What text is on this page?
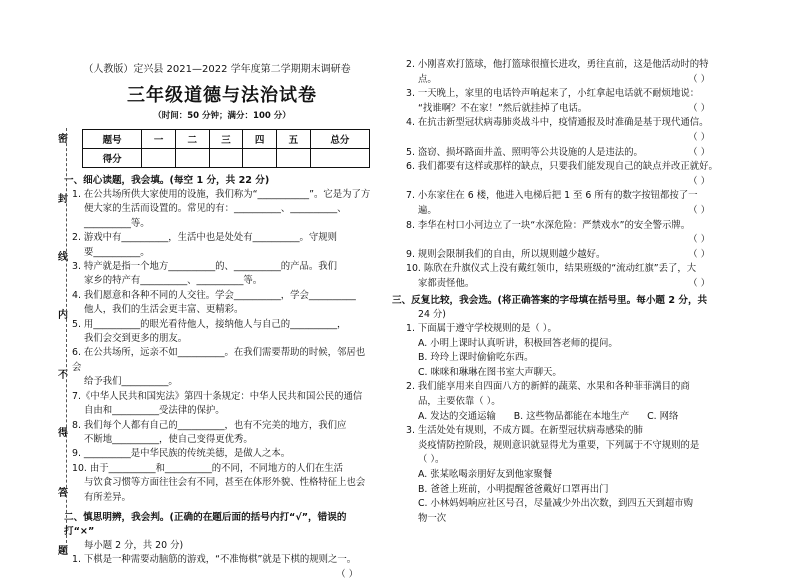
密
封
线
内
不
得
答
题
（人教版）定兴县 2021—2022 学年度第二学期期末调研卷
三年级道德与法治试卷
（时间：50 分钟；满分：100 分）
题号	一	二	三	四	五	总分
得分						
一、细心读题，我会填。(每空 1 分，共 22 分)
1. 在公共场所供大家使用的设施，我们称为“___________”。它是为了方
便大家的生活而设置的。常见的有：__________、__________、
__________等。
2. 游戏中有__________，生活中也是处处有__________。守规则
要__________。
3. 特产就是指一个地方__________的、__________的产品。我们
家乡的特产有__________、__________等。
4. 我们愿意和各种不同的人交往。学会__________，学会__________
他人，我们的生活会更丰富、更精彩。
5. 用__________的眼光看待他人，接纳他人与自己的__________，
我们会交到更多的朋友。
6. 在公共场所，远亲不如__________。在我们需要帮助的时候，邻居也会
给予我们__________。
7.《中华人民共和国宪法》第四十条规定：中华人民共和国公民的通信
自由和__________受法律的保护。
8. 我们每个人都有自己的__________，也有不完美的地方，我们应
不断地__________，使自己变得更优秀。
9. __________是中华民族的传统美德，是做人之本。
10. 由于__________和__________的不同，不同地方的人们在生活
与饮食习惯等方面往往会有不同，甚至在体形外貌、性格特征上也会
有所差异。
二、慎思明辨，我会判。(正确的在题后面的括号内打“√”，错误的打“×”
每小题 2 分，共 20 分)
1. 下棋是一种需要动脑筋的游戏，“不准悔棋”就是下棋的规则之一。
（ ）
2. 小刚喜欢打篮球，他打篮球很擅长进攻，勇往直前，这是他活动时的特
点。	（ ）
3. 一天晚上，家里的电话铃声响起来了，小红拿起电话就不耐烦地说：
“找谁啊？不在家！”然后就挂掉了电话。	（ ）
4. 在抗击新型冠状病毒肺炎战斗中，疫情通报及时准确是基于现代通信。
（ ）
5. 盗窃、损坏路面井盖、照明等公共设施的人是违法的。	（ ）
6. 我们都要有这样或那样的缺点，只要我们能发现自己的缺点并改正就好。
（ ）
7. 小东家住在 6 楼，他进入电梯后把 1 至 6 所有的数字按钮都按了一
遍。	（ ）
8. 李华在村口小河边立了一块“水深危险：严禁戏水”的安全警示牌。
（ ）
9. 规则会限制我们的自由，所以规则越少越好。	（ ）
10. 陈欣在升旗仪式上没有戴红领巾，结果班级的“流动红旗”丢了，大
家都责怪他。	（ ）
三、反复比较，我会选。(将正确答案的字母填在括号里。每小题 2 分，共
24 分)
1. 下面属于遵守学校规则的是（ ）。
A. 小明上课时认真听讲，积极回答老师的提问。
B. 玲玲上课时偷偷吃东西。
C. 咪咪和琳琳在图书室大声聊天。
2. 我们能享用来自四面八方的新鲜的蔬菜、水果和各种菲菲满目的商
品，主要依靠（ ）。
A. 发达的交通运输      B. 这些物品都能在本地生产      C. 网络
3. 生活处处有规则，不成方圆。在新型冠状病毒感染的肺
炎疫情防控阶段，规则意识就显得尤为重要，下列属于不守规则的是
（ ）。
A. 张某吆喝亲朋好友到他家聚餐
B. 爸爸上班前，小明提醒爸爸戴好口罩再出门
C. 小林妈妈响应社区号召，尽量减少外出次数，到四五天到超市购
物一次
